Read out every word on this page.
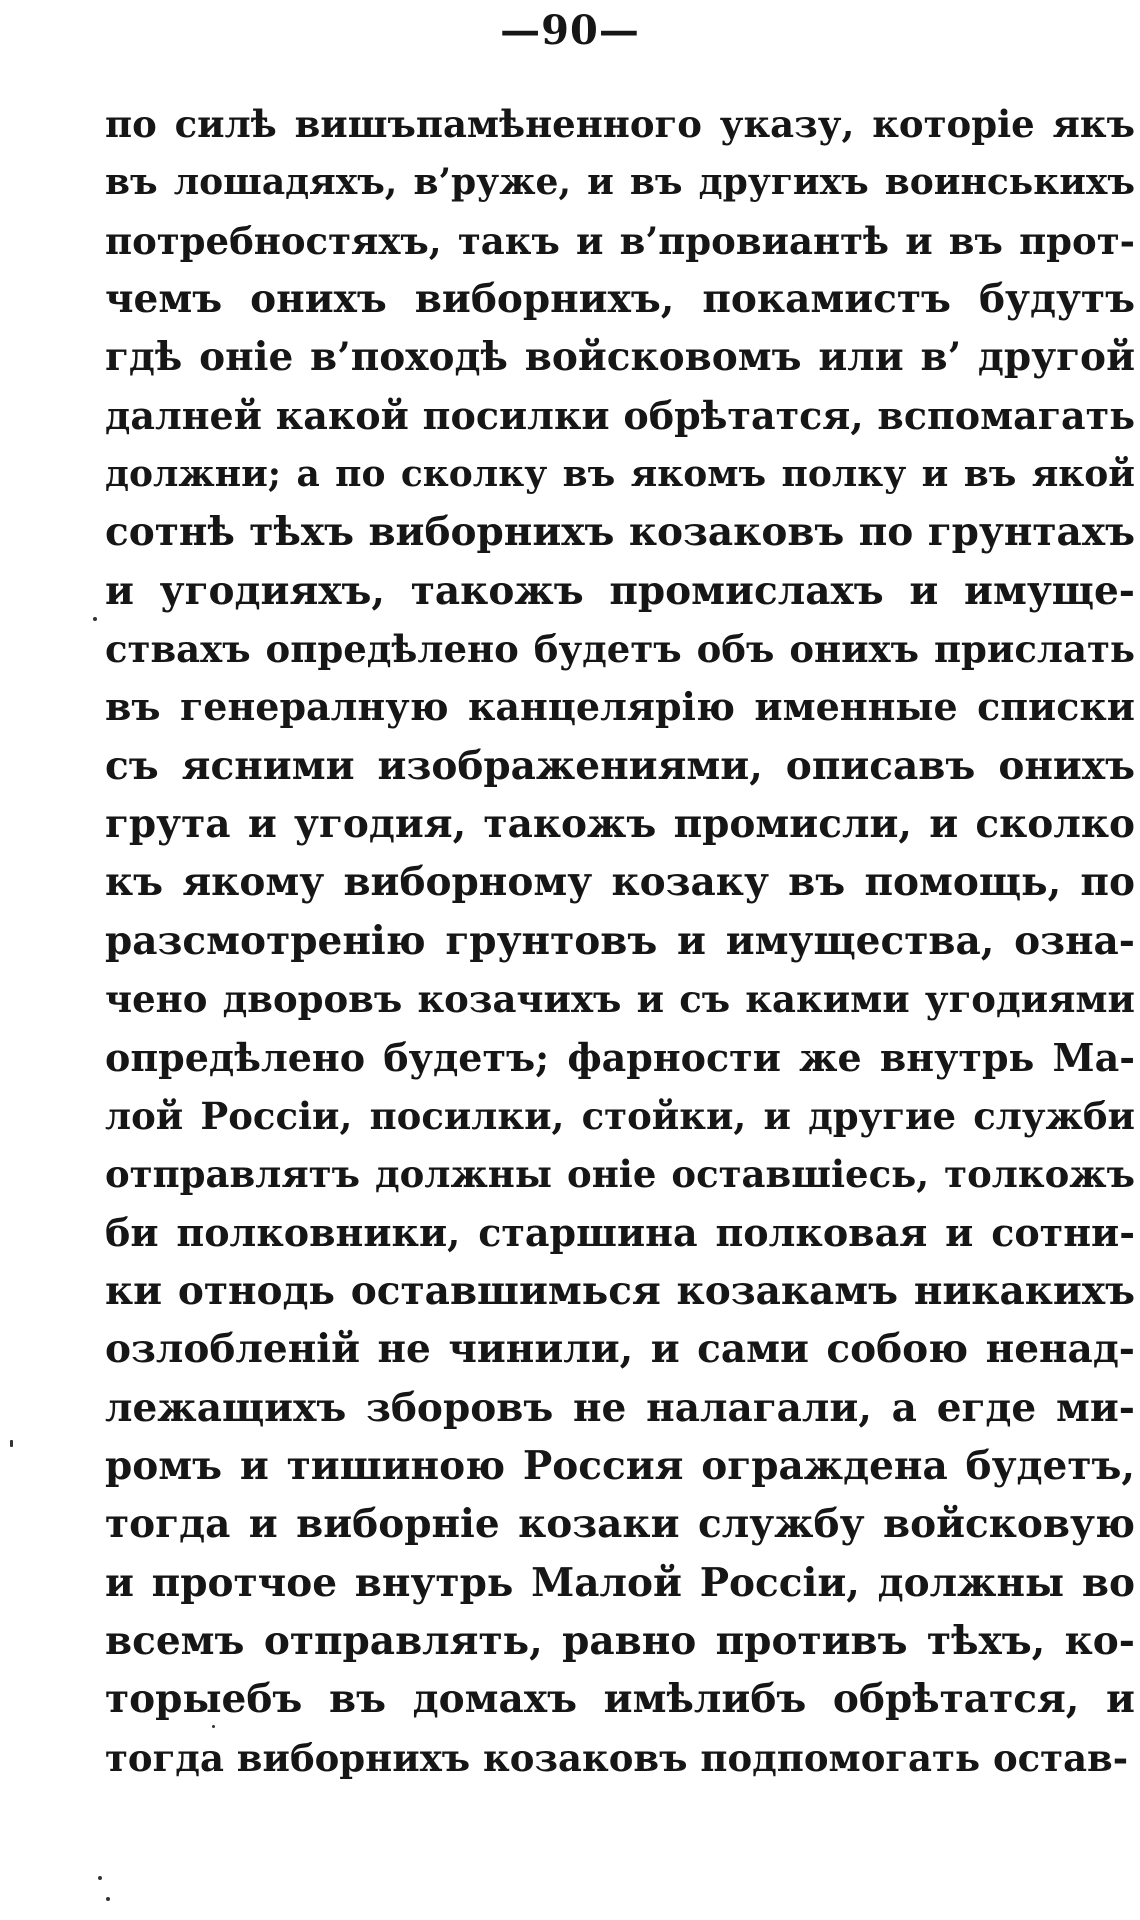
—90—
по силѣ вишъпамѣненного указу, которіе якъ
въ лошадяхъ, в’руже, и въ другихъ воинськихъ
потребностяхъ, такъ и в’провиантѣ и въ прот-
чемъ онихъ виборнихъ, покамистъ будутъ
гдѣ оніе в’походѣ войсковомъ или в’ другой
далней какой посилки обрѣтатся, вспомагать
должни; а по сколку въ якомъ полку и въ якой
сотнѣ тѣхъ виборнихъ козаковъ по грунтахъ
и угодияхъ, такожъ промислахъ и имуще-
ствахъ опредѣлено будетъ объ онихъ прислать
въ генералную канцелярію именные списки
съ ясними изображениями, описавъ онихъ
грута и угодия, такожъ промисли, и сколко
къ якому виборному козаку въ помощь, по
разсмотренію грунтовъ и имущества, озна-
чено дворовъ козачихъ и съ какими угодиями
опредѣлено будетъ; фарности же внутрь Ма-
лой Россіи, посилки, стойки, и другие служби
отправлятъ должны оніе оставшіесь, толкожъ
би полковники, старшина полковая и сотни-
ки отнодь оставшимься козакамъ никакихъ
озлобленій не чинили, и сами собою ненад-
лежащихъ зборовъ не налагали, а егде ми-
ромъ и тишиною Россия ограждена будетъ,
тогда и виборніе козаки службу войсковую
и протчое внутрь Малой Россіи, должны во
всемъ отправлять, равно противъ тѣхъ, ко-
торыебъ въ домахъ имѣлибъ обрѣтатся, и
тогда виборнихъ козаковъ подпомогать остав-
